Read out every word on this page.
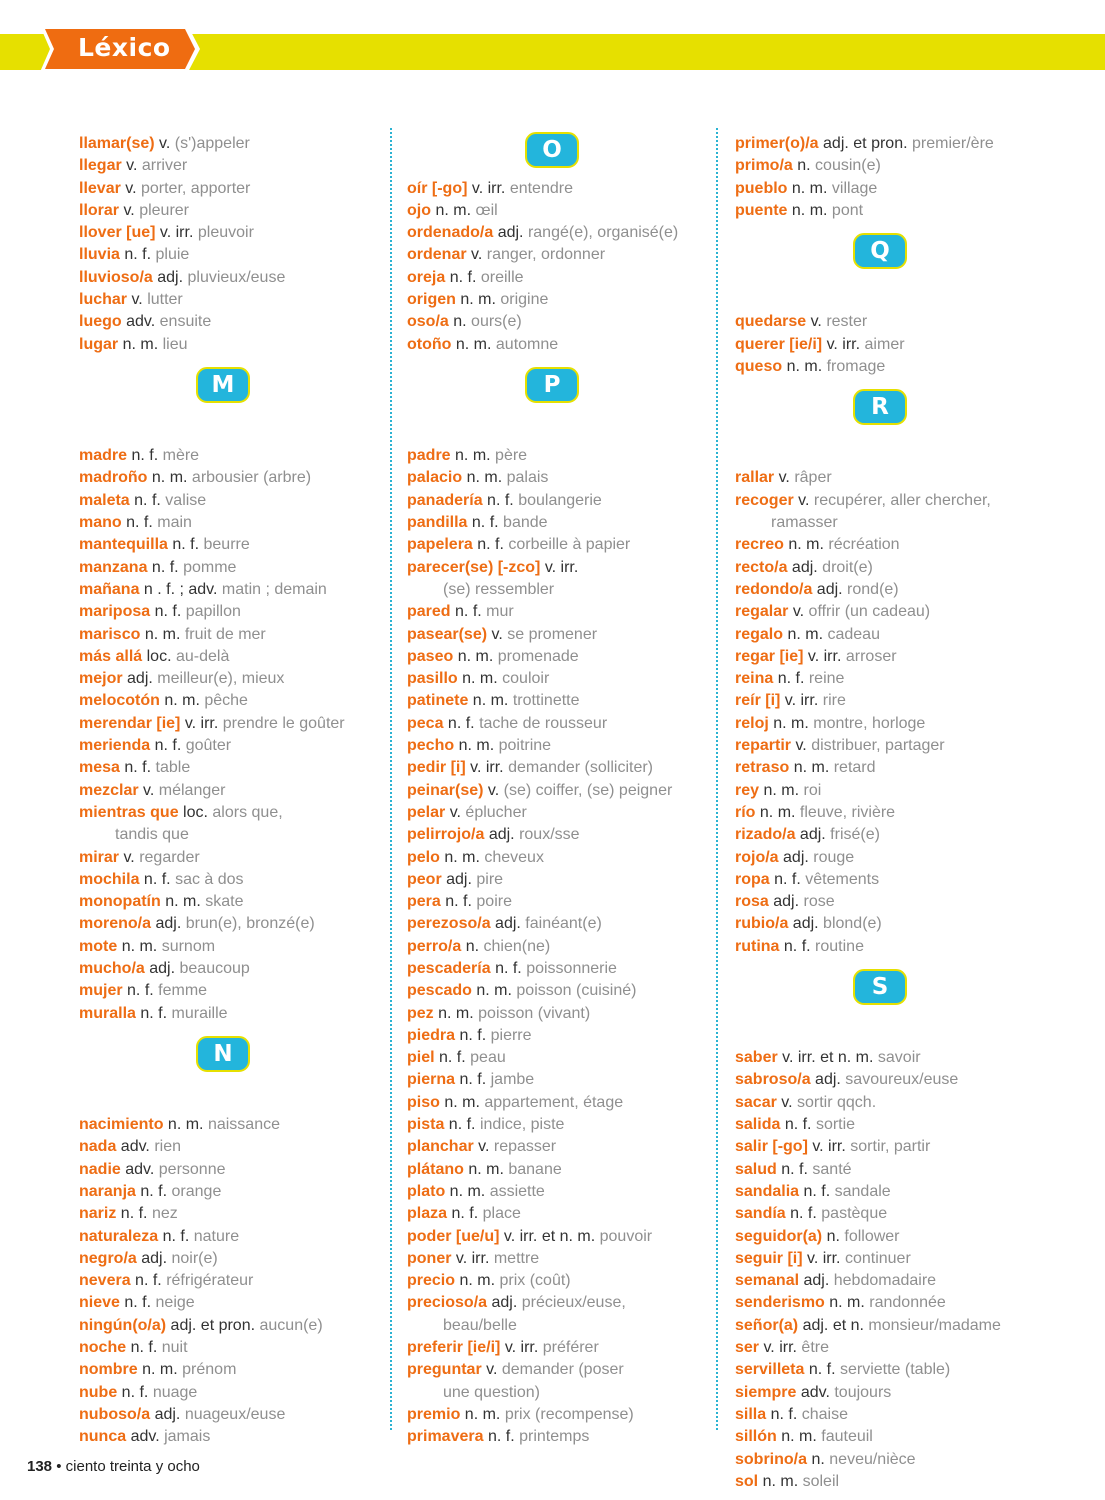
Léxico
llamar(se) v. (s')appeler
llegar v. arriver
llevar v. porter, apporter
llorar v. pleurer
llover [ue] v. irr. pleuvoir
lluvia n. f. pluie
lluvioso/a adj. pluvieux/euse
luchar v. lutter
luego adv. ensuite
lugar n. m. lieu
M
madre n. f. mère
madroño n. m. arbousier (arbre)
maleta n. f. valise
mano n. f. main
mantequilla n. f. beurre
manzana n. f. pomme
mañana n . f. ; adv. matin ; demain
mariposa n. f. papillon
marisco n. m. fruit de mer
más allá loc. au-delà
mejor adj. meilleur(e), mieux
melocotón n. m. pêche
merendar [ie] v. irr. prendre le goûter
merienda n. f. goûter
mesa n. f. table
mezclar v. mélanger
mientras que loc. alors que,
tandis que
mirar v. regarder
mochila n. f. sac à dos
monopatín n. m. skate
moreno/a adj. brun(e), bronzé(e)
mote n. m. surnom
mucho/a adj. beaucoup
mujer n. f. femme
muralla n. f. muraille
N
nacimiento n. m. naissance
nada adv. rien
nadie adv. personne
naranja n. f. orange
nariz n. f. nez
naturaleza n. f. nature
negro/a adj. noir(e)
nevera n. f. réfrigérateur
nieve n. f. neige
ningún(o/a) adj. et pron. aucun(e)
noche n. f. nuit
nombre n. m. prénom
nube n. f. nuage
nuboso/a adj. nuageux/euse
nunca adv. jamais
O
oír [-go] v. irr. entendre
ojo n. m. œil
ordenado/a adj. rangé(e), organisé(e)
ordenar v. ranger, ordonner
oreja n. f. oreille
origen n. m. origine
oso/a n. ours(e)
otoño n. m. automne
P
padre n. m. père
palacio n. m. palais
panadería n. f. boulangerie
pandilla n. f. bande
papelera n. f. corbeille à papier
parecer(se) [-zco] v. irr.
(se) ressembler
pared n. f. mur
pasear(se) v. se promener
paseo n. m. promenade
pasillo n. m. couloir
patinete n. m. trottinette
peca n. f. tache de rousseur
pecho n. m. poitrine
pedir [i] v. irr. demander (solliciter)
peinar(se) v. (se) coiffer, (se) peigner
pelar v. éplucher
pelirrojo/a adj. roux/sse
pelo n. m. cheveux
peor adj. pire
pera n. f. poire
perezoso/a adj. fainéant(e)
perro/a n. chien(ne)
pescadería n. f. poissonnerie
pescado n. m. poisson (cuisiné)
pez n. m. poisson (vivant)
piedra n. f. pierre
piel n. f. peau
pierna n. f. jambe
piso n. m. appartement, étage
pista n. f. indice, piste
planchar v. repasser
plátano n. m. banane
plato n. m. assiette
plaza n. f. place
poder [ue/u] v. irr. et n. m. pouvoir
poner v. irr. mettre
precio n. m. prix (coût)
precioso/a adj. précieux/euse,
beau/belle
preferir [ie/i] v. irr. préférer
preguntar v. demander (poser
une question)
premio n. m. prix (recompense)
primavera n. f. printemps
primer(o)/a adj. et pron. premier/ère
primo/a n. cousin(e)
pueblo n. m. village
puente n. m. pont
Q
quedarse v. rester
querer [ie/i] v. irr. aimer
queso n. m. fromage
R
rallar v. râper
recoger v. recupérer, aller chercher,
ramasser
recreo n. m. récréation
recto/a adj. droit(e)
redondo/a adj. rond(e)
regalar v. offrir (un cadeau)
regalo n. m. cadeau
regar [ie] v. irr. arroser
reina n. f. reine
reír [i] v. irr. rire
reloj n. m. montre, horloge
repartir v. distribuer, partager
retraso n. m. retard
rey n. m. roi
río n. m. fleuve, rivière
rizado/a adj. frisé(e)
rojo/a adj. rouge
ropa n. f. vêtements
rosa adj. rose
rubio/a adj. blond(e)
rutina n. f. routine
S
saber v. irr. et n. m. savoir
sabroso/a adj. savoureux/euse
sacar v. sortir qqch.
salida n. f. sortie
salir [-go] v. irr. sortir, partir
salud n. f. santé
sandalia n. f. sandale
sandía n. f. pastèque
seguidor(a) n. follower
seguir [i] v. irr. continuer
semanal adj. hebdomadaire
senderismo n. m. randonnée
señor(a) adj. et n. monsieur/madame
ser v. irr. être
servilleta n. f. serviette (table)
siempre adv. toujours
silla n. f. chaise
sillón n. m. fauteuil
sobrino/a n. neveu/nièce
sol n. m. soleil
138 • ciento treinta y ocho
